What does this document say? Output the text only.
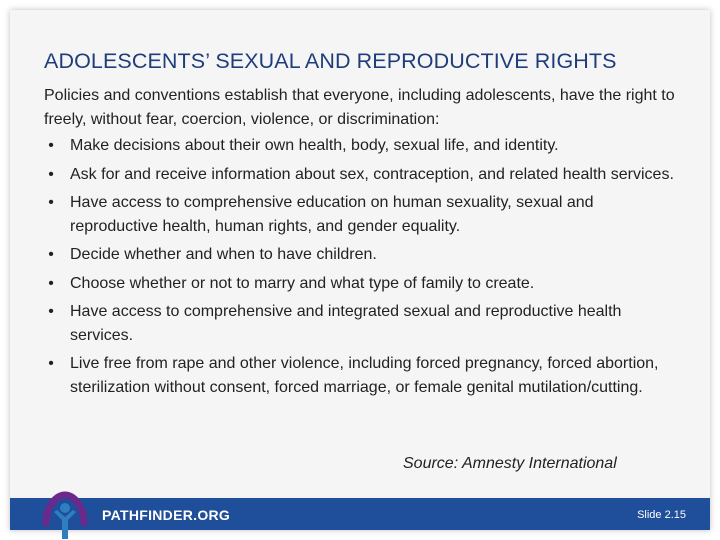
ADOLESCENTS’ SEXUAL AND REPRODUCTIVE RIGHTS
Policies and conventions establish that everyone, including adolescents, have the right to freely, without fear, coercion, violence, or discrimination:
• Make decisions about their own health, body, sexual life, and identity.
• Ask for and receive information about sex, contraception, and related health services.
• Have access to comprehensive education on human sexuality, sexual and reproductive health, human rights, and gender equality.
• Decide whether and when to have children.
• Choose whether or not to marry and what type of family to create.
• Have access to comprehensive and integrated sexual and reproductive health services.
• Live free from rape and other violence, including forced pregnancy, forced abortion, sterilization without consent, forced marriage, or female genital mutilation/cutting.
Source: Amnesty International
PATHFINDER.ORG	Slide 2.15
